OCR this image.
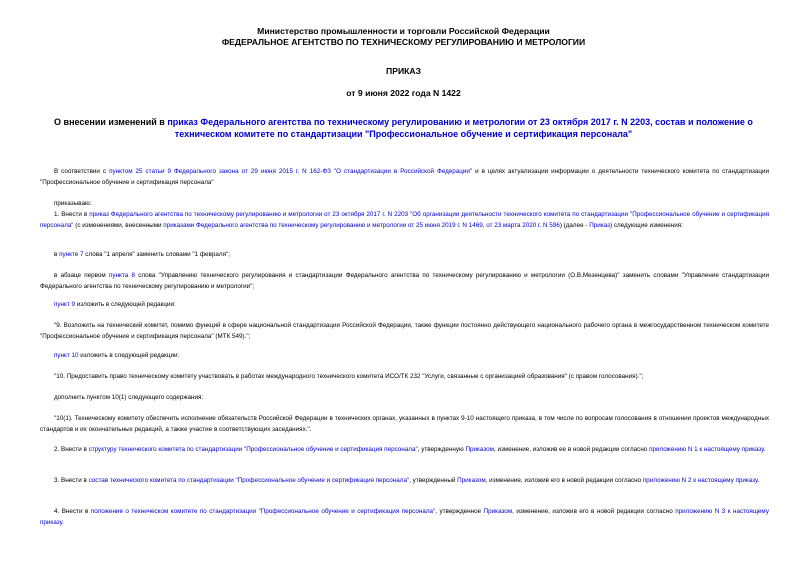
Министерство промышленности и торговли Российской Федерации
ФЕДЕРАЛЬНОЕ АГЕНТСТВО ПО ТЕХНИЧЕСКОМУ РЕГУЛИРОВАНИЮ И МЕТРОЛОГИИ
ПРИКАЗ
от 9 июня 2022 года N 1422
О внесении изменений в приказ Федерального агентства по техническому регулированию и метрологии от 23 октября 2017 г. N 2203, состав и положение о техническом комитете по стандартизации "Профессиональное обучение и сертификация персонала"
В соответствии с пунктом 25 статьи 9 Федерального закона от 29 июня 2015 г. N 162-ФЗ "О стандартизации в Российской Федерации" и в целях актуализации информации о деятельности технического комитета по стандартизации "Профессиональное обучение и сертификация персонала"
приказываю:
1. Внести в приказ Федерального агентства по техническому регулированию и метрологии от 23 октября 2017 г. N 2203 "Об организации деятельности технического комитета по стандартизации "Профессиональное обучение и сертификация персонала" (с изменениями, внесенными приказами Федерального агентства по техническому регулированию и метрологии от 25 июня 2019 г. N 1469, от 23 марта 2020 г. N 596) (далее - Приказ) следующие изменения:
в пункте 7 слова "1 апреля" заменить словами "1 февраля";
в абзаце первом пункта 8 слова "Управлению технического регулирования и стандартизации Федерального агентства по техническому регулированию и метрологии (О.В.Мезенцева)" заменить словами "Управление стандартизации Федерального агентства по техническому регулированию и метрологии";
пункт 9 изложить в следующей редакции:
"9. Возложить на технический комитет, помимо функций в сфере национальной стандартизации Российской Федерации, также функции постоянно действующего национального рабочего органа в межгосударственном техническом комитете "Профессиональное обучение и сертификация персонала" (МТК 549).";
пункт 10 изложить в следующей редакции:
"10. Предоставить право техническому комитету участвовать в работах международного технического комитета ИСО/ТК 232 "Услуги, связанные с организацией образования" (с правом голосования).";
дополнить пунктом 10(1) следующего содержания:
"10(1). Техническому комитету обеспечить исполнение обязательств Российской Федерации в технических органах, указанных в пунктах 9-10 настоящего приказа, в том числе по вопросам голосования в отношении проектов международных стандартов и их окончательных редакций, а также участие в соответствующих заседаниях.".
2. Внести в структуру технического комитета по стандартизации "Профессиональное обучение и сертификация персонала", утвержденную Приказом, изменение, изложив ее в новой редакции согласно приложению N 1 к настоящему приказу.
3. Внести в состав технического комитета по стандартизации "Профессиональное обучение и сертификация персонала", утвержденный Приказом, изменение, изложив его в новой редакции согласно приложению N 2 к настоящему приказу.
4. Внести в положение о техническом комитете по стандартизации "Профессиональное обучение и сертификация персонала", утвержденное Приказом, изменение, изложив его в новой редакции согласно приложению N 3 к настоящему приказу.
